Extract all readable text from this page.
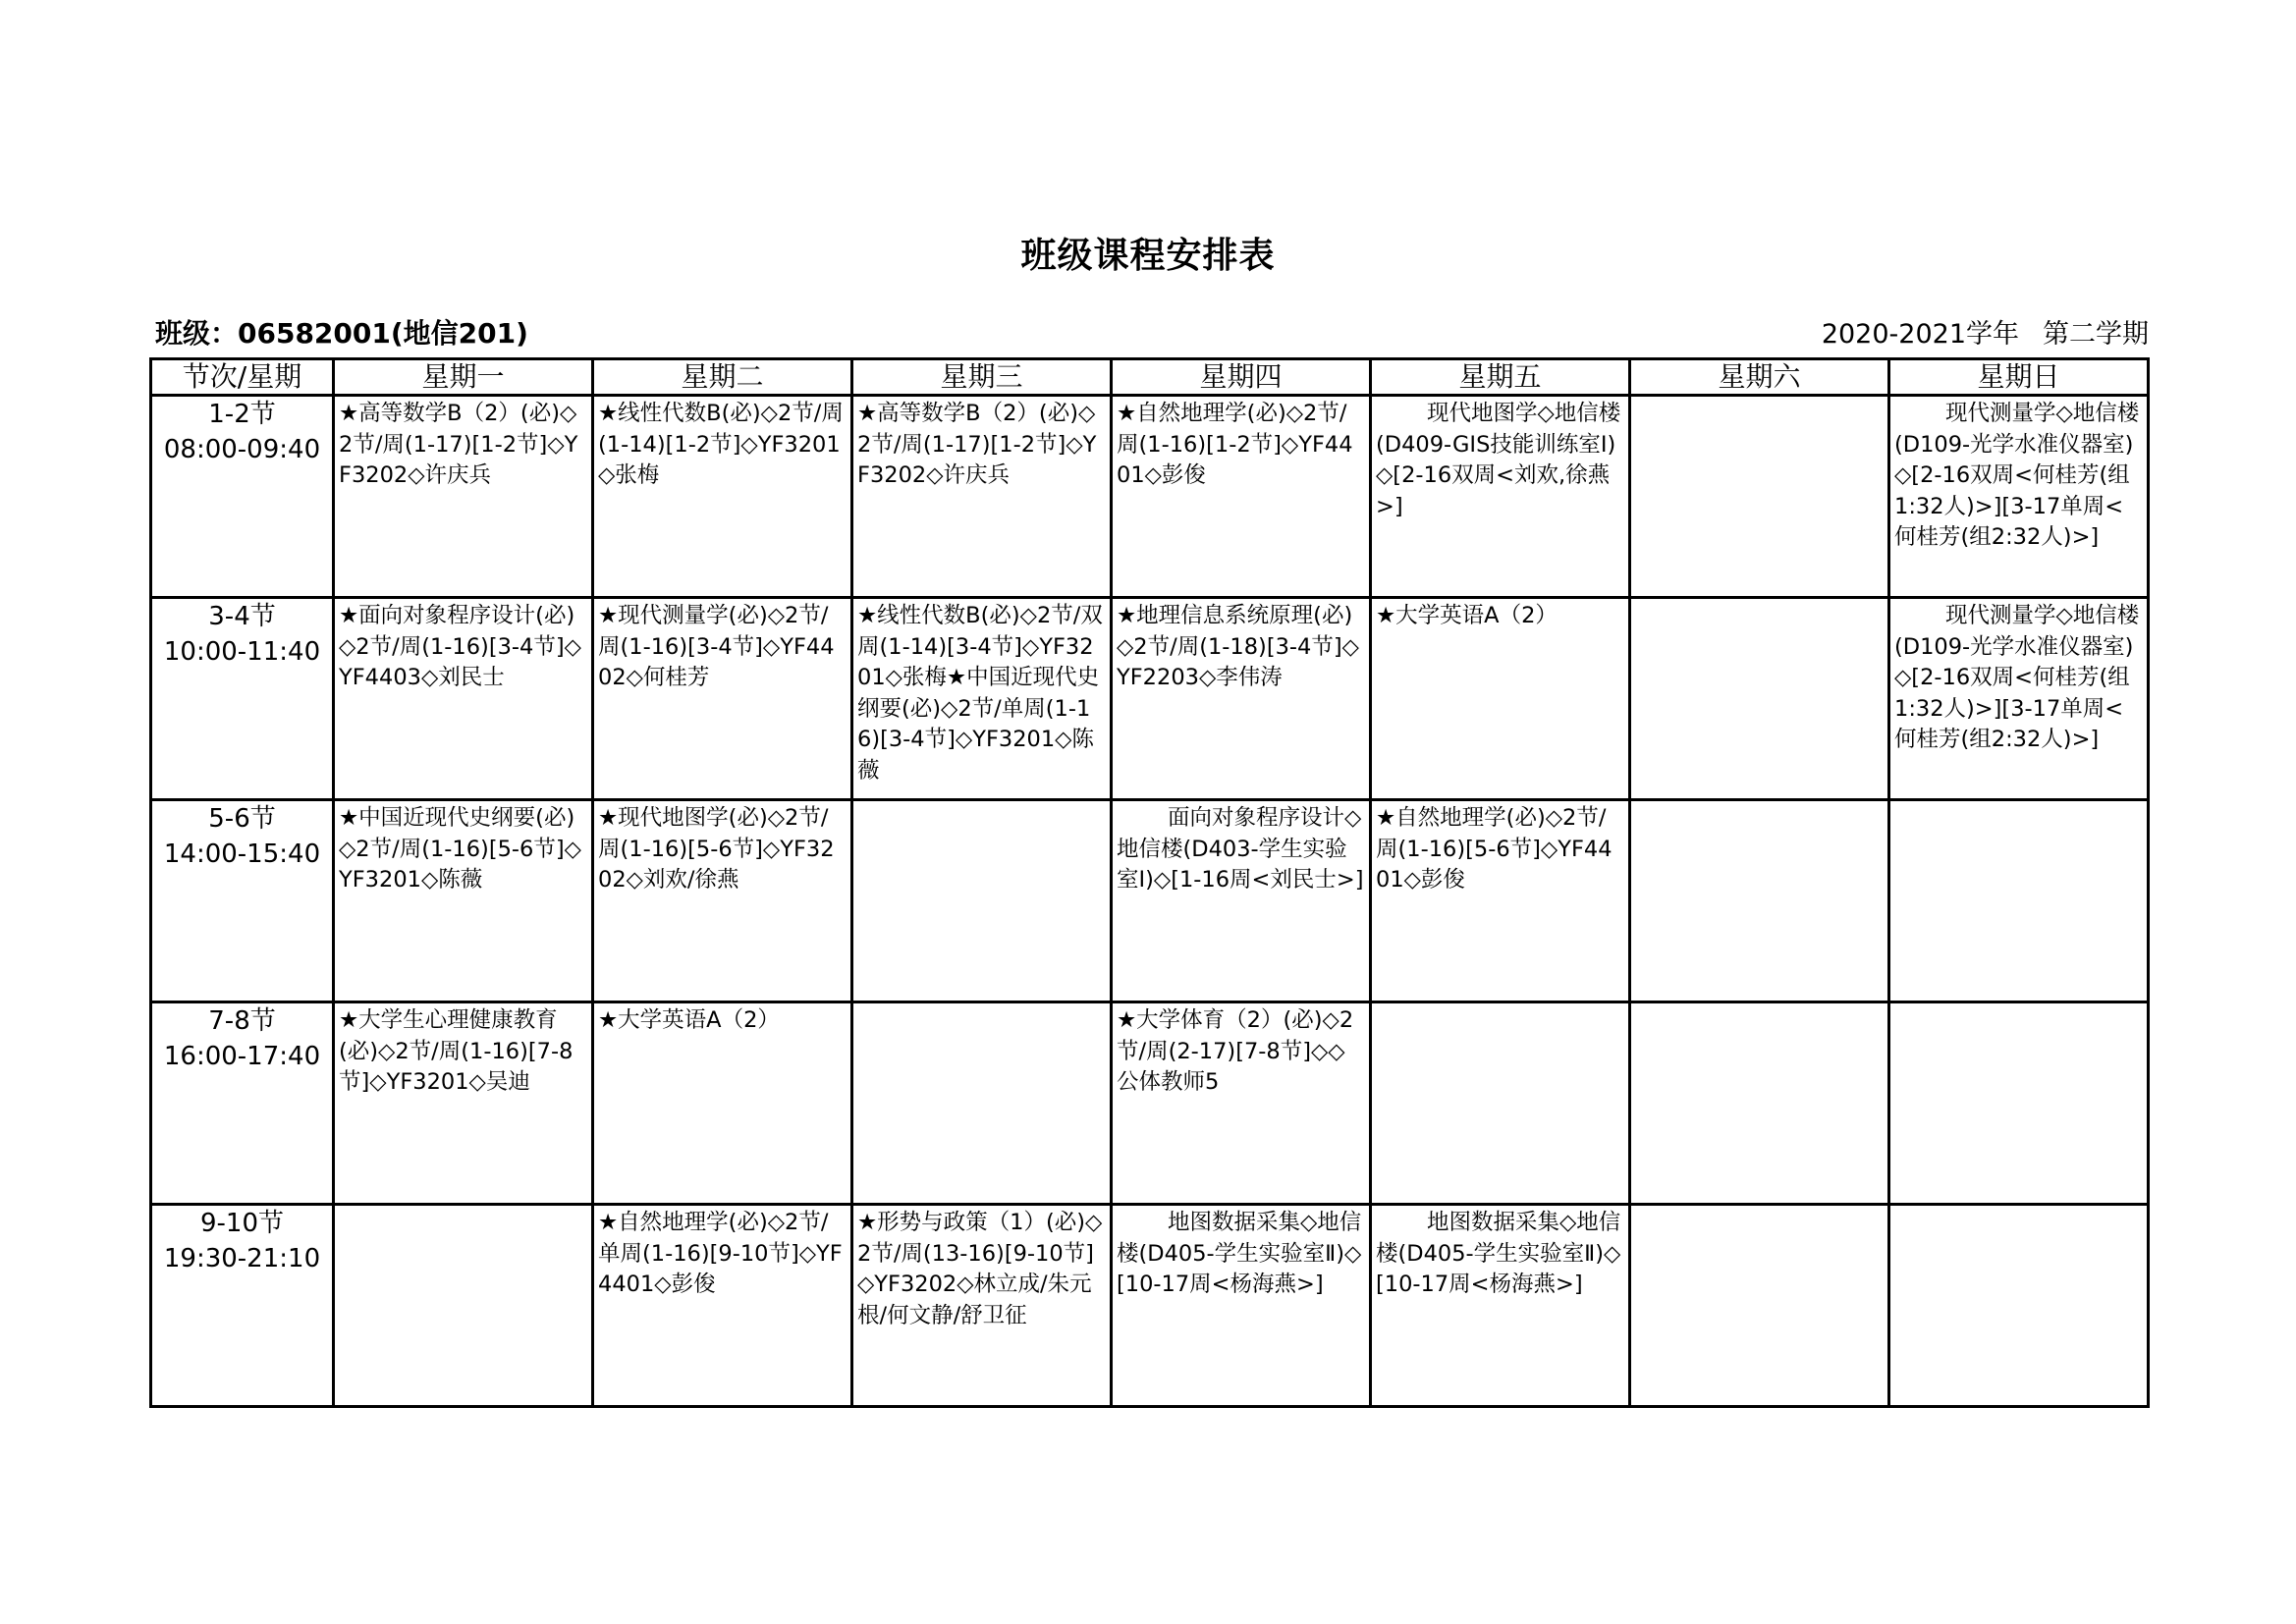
班级课程安排表
班级：06582001(地信201)	2020-2021学年 第二学期
节次/星期	星期一	星期二	星期三	星期四	星期五	星期六	星期日

1-2节
08:00-09:40	★高等数学B（2）(必)◇2节/周(1-17)[1-2节]◇YF3202◇许庆兵	★线性代数B(必)◇2节/周(1-14)[1-2节]◇YF3201◇张梅	★高等数学B（2）(必)◇2节/周(1-17)[1-2节]◇YF3202◇许庆兵	★自然地理学(必)◇2节/周(1-16)[1-2节]◇YF4401◇彭俊	现代地图学◇地信楼(D409-GIS技能训练室Ⅰ)◇[2-16双周<刘欢,徐燕>]		现代测量学◇地信楼(D109-光学水准仪器室)◇[2-16双周<何桂芳(组1:32人)>][3-17单周<何桂芳(组2:32人)>]

3-4节
10:00-11:40	★面向对象程序设计(必)◇2节/周(1-16)[3-4节]◇YF4403◇刘民士	★现代测量学(必)◇2节/周(1-16)[3-4节]◇YF4402◇何桂芳	★线性代数B(必)◇2节/双周(1-14)[3-4节]◇YF3201◇张梅★中国近现代史纲要(必)◇2节/单周(1-16)[3-4节]◇YF3201◇陈薇	★地理信息系统原理(必)◇2节/周(1-18)[3-4节]◇YF2203◇李伟涛	★大学英语A（2）		现代测量学◇地信楼(D109-光学水准仪器室)◇[2-16双周<何桂芳(组1:32人)>][3-17单周<何桂芳(组2:32人)>]

5-6节
14:00-15:40	★中国近现代史纲要(必)◇2节/周(1-16)[5-6节]◇YF3201◇陈薇	★现代地图学(必)◇2节/周(1-16)[5-6节]◇YF3202◇刘欢/徐燕		面向对象程序设计◇地信楼(D403-学生实验室Ⅰ)◇[1-16周<刘民士>]	★自然地理学(必)◇2节/周(1-16)[5-6节]◇YF4401◇彭俊		

7-8节
16:00-17:40	★大学生心理健康教育(必)◇2节/周(1-16)[7-8节]◇YF3201◇吴迪	★大学英语A（2）		★大学体育（2）(必)◇2节/周(2-17)[7-8节]◇◇公体教师5			

9-10节
19:30-21:10		★自然地理学(必)◇2节/单周(1-16)[9-10节]◇YF4401◇彭俊	★形势与政策（1）(必)◇2节/周(13-16)[9-10节]◇YF3202◇林立成/朱元根/何文静/舒卫征	地图数据采集◇地信楼(D405-学生实验室Ⅱ)◇[10-17周<杨海燕>]	地图数据采集◇地信楼(D405-学生实验室Ⅱ)◇[10-17周<杨海燕>]		
